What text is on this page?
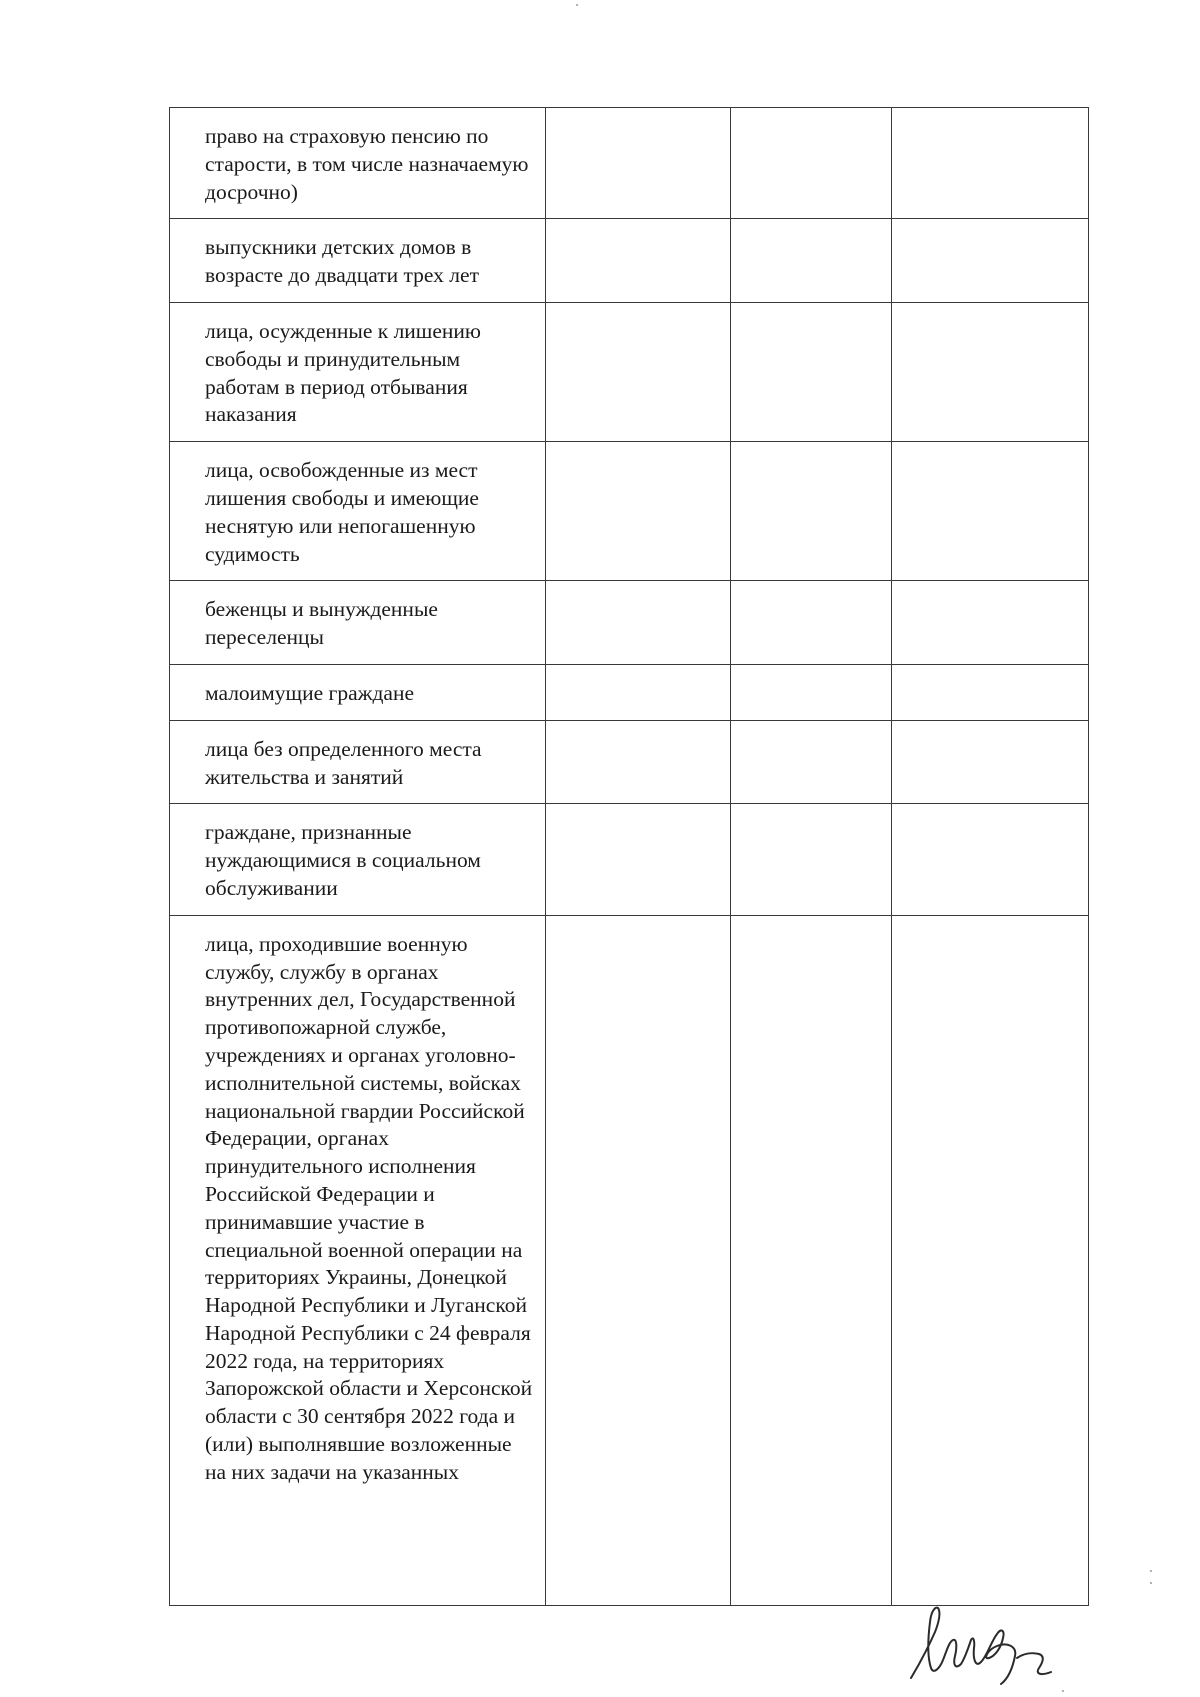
право на страховую пенсию по старости, в том числе назначаемую досрочно)			

выпускники детских домов в возрасте до двадцати трех лет			

лица, осужденные к лишению свободы и принудительным работам в период отбывания наказания			

лица, освобожденные из мест лишения свободы и имеющие неснятую или непогашенную судимость			

беженцы и вынужденные переселенцы			

малоимущие граждане			

лица без определенного места жительства и занятий			

граждане, признанные нуждающимися в социальном обслуживании			

лица, проходившие военную службу, службу в органах внутренних дел, Государственной противопожарной службе, учреждениях и органах уголовно-исполнительной системы, войсках национальной гвардии Российской Федерации, органах принудительного исполнения Российской Федерации и принимавшие участие в специальной военной операции на территориях Украины, Донецкой Народной Республики и Луганской Народной Республики с 24 февраля 2022 года, на территориях Запорожской области и Херсонской области с 30 сентября 2022 года и (или) выполнявшие возложенные на них задачи на указанных			
